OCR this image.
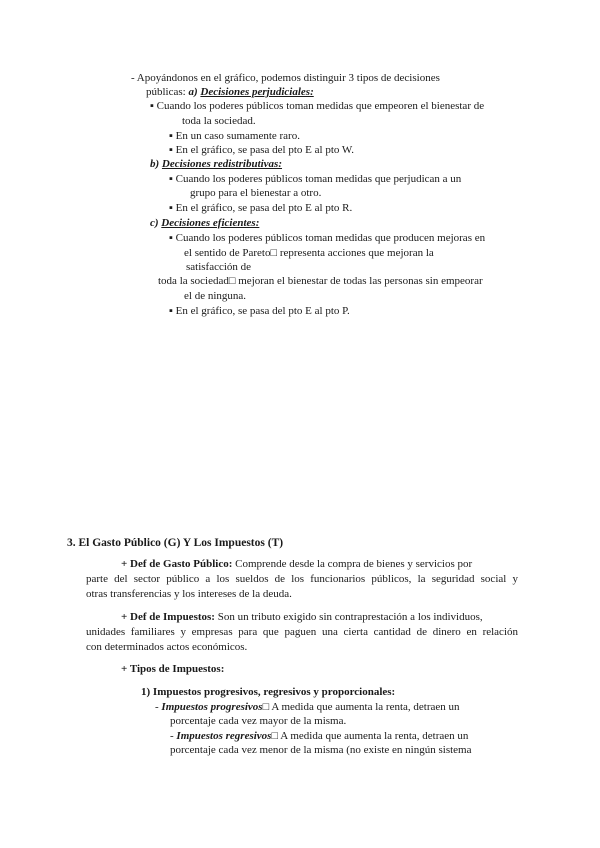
- Apoyándonos en el gráfico, podemos distinguir 3 tipos de decisiones
públicas: a) Decisiones perjudiciales:
▪ Cuando los poderes públicos toman medidas que empeoren el bienestar de
toda la sociedad.
▪ En un caso sumamente raro.
▪ En el gráfico, se pasa del pto E al pto W.
b) Decisiones redistributivas:
▪ Cuando los poderes públicos toman medidas que perjudican a un
grupo para el bienestar a otro.
▪ En el gráfico, se pasa del pto E al pto R.
c) Decisiones eficientes:
▪ Cuando los poderes públicos toman medidas que producen mejoras en
el sentido de Pareto□ representa acciones que mejoran la
satisfacción de
toda la sociedad□ mejoran el bienestar de todas las personas sin empeorar
el de ninguna.
▪ En el gráfico, se pasa del pto E al pto P.
3. El Gasto Público (G) Y Los Impuestos (T)
+ Def de Gasto Público: Comprende desde la compra de bienes y servicios por
parte del sector público a los sueldos de los funcionarios públicos, la seguridad social y
otras transferencias y los intereses de la deuda.
+ Def de Impuestos: Son un tributo exigido sin contraprestación a los individuos,
unidades familiares y empresas para que paguen una cierta cantidad de dinero en relación
con determinados actos económicos.
+ Tipos de Impuestos:
1) Impuestos progresivos, regresivos y proporcionales:
- Impuestos progresivos□ A medida que aumenta la renta, detraen un
porcentaje cada vez mayor de la misma.
- Impuestos regresivos□ A medida que aumenta la renta, detraen un
porcentaje cada vez menor de la misma (no existe en ningún sistema
